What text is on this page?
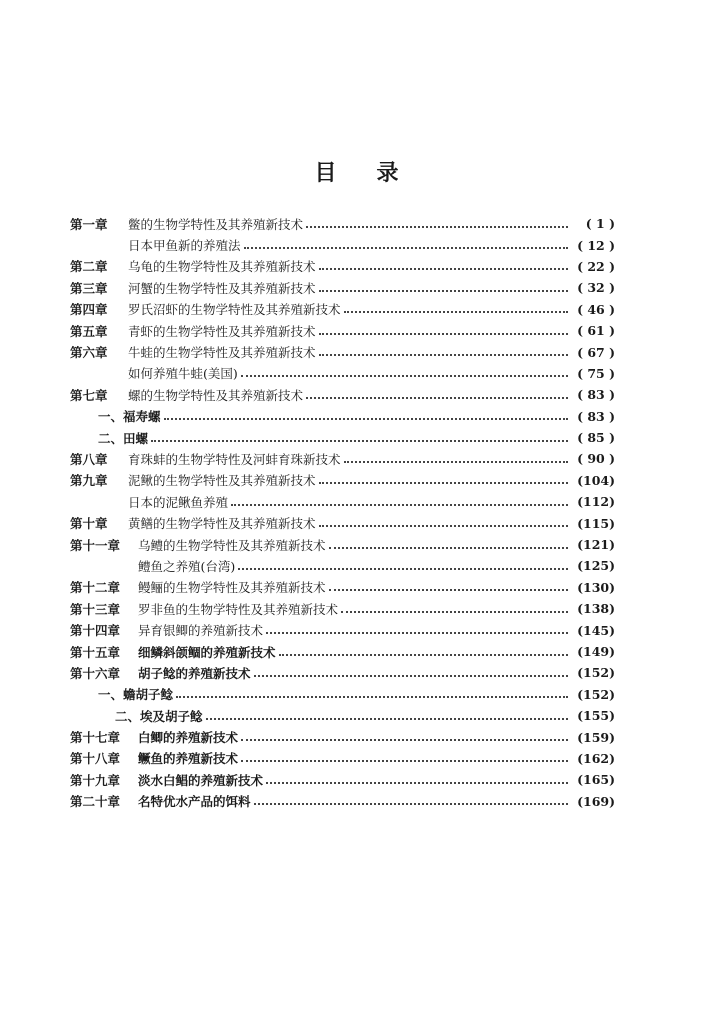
目 录
第一章	鳖的生物学特性及其养殖新技术	( 1 )
日本甲鱼新的养殖法	( 12 )
第二章	乌龟的生物学特性及其养殖新技术	( 22 )
第三章	河蟹的生物学特性及其养殖新技术	( 32 )
第四章	罗氏沼虾的生物学特性及其养殖新技术	( 46 )
第五章	青虾的生物学特性及其养殖新技术	( 61 )
第六章	牛蛙的生物学特性及其养殖新技术	( 67 )
如何养殖牛蛙(美国)	( 75 )
第七章	螺的生物学特性及其养殖新技术	( 83 )
一、福寿螺	( 83 )
二、田螺	( 85 )
第八章	育珠蚌的生物学特性及河蚌育珠新技术	( 90 )
第九章	泥鳅的生物学特性及其养殖新技术	(104)
日本的泥鳅鱼养殖	(112)
第十章	黄鳝的生物学特性及其养殖新技术	(115)
第十一章	乌鳢的生物学特性及其养殖新技术	(121)
鳢鱼之养殖(台湾)	(125)
第十二章	鳗鲡的生物学特性及其养殖新技术	(130)
第十三章	罗非鱼的生物学特性及其养殖新技术	(138)
第十四章	异育银鲫的养殖新技术	(145)
第十五章	细鳞斜颌鲴的养殖新技术	(149)
第十六章	胡子鲶的养殖新技术	(152)
一、蟾胡子鲶	(152)
二、埃及胡子鲶	(155)
第十七章	白鲫的养殖新技术	(159)
第十八章	鳜鱼的养殖新技术	(162)
第十九章	淡水白鲳的养殖新技术	(165)
第二十章	名特优水产品的饵料	(169)
